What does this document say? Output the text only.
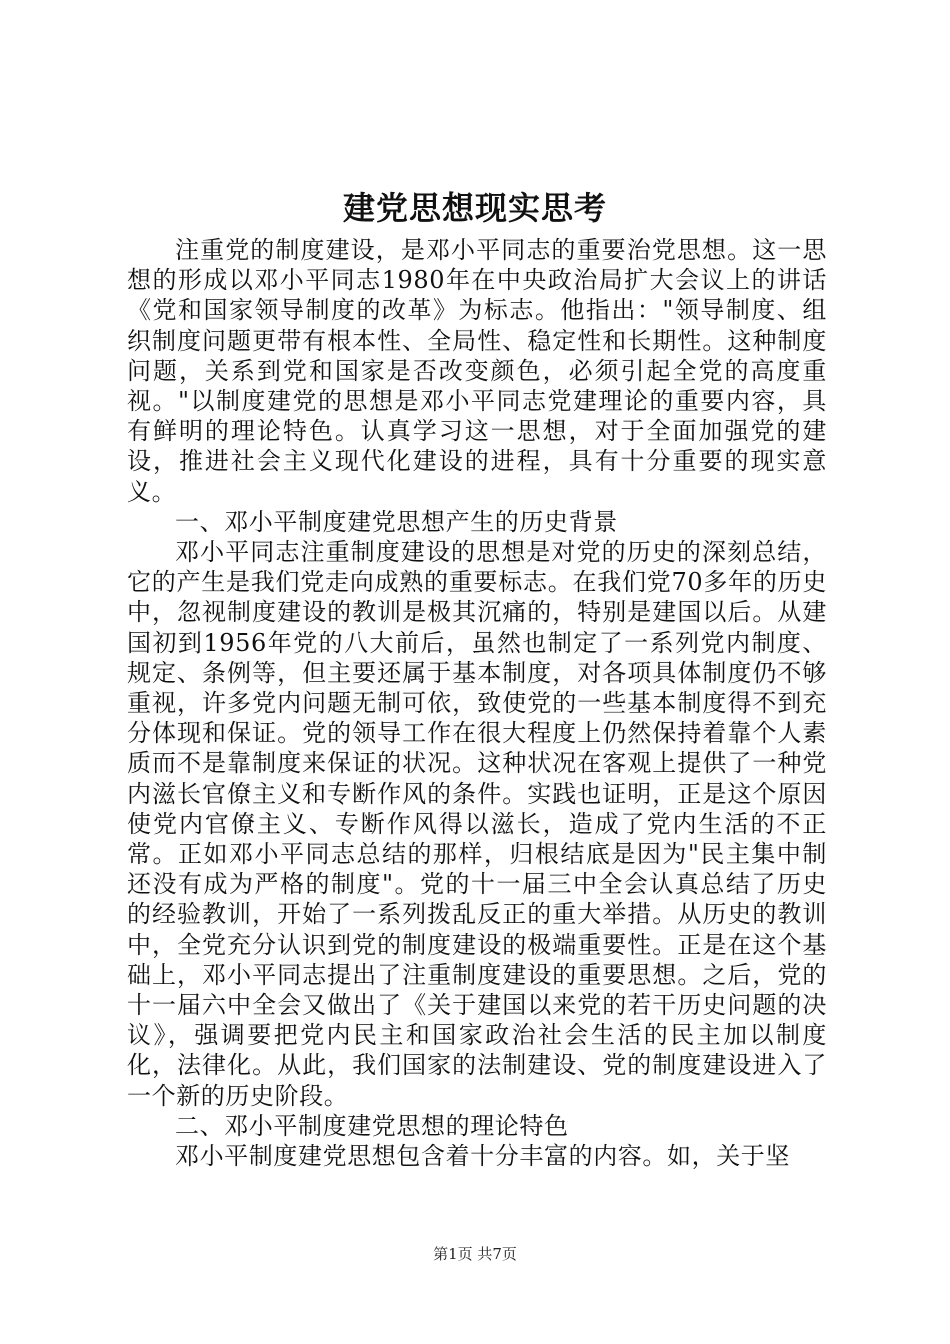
建党思想现实思考

注重党的制度建设，是邓小平同志的重要治党思想。这一思想的形成以邓小平同志1980年在中央政治局扩大会议上的讲话《党和国家领导制度的改革》为标志。他指出："领导制度、组织制度问题更带有根本性、全局性、稳定性和长期性。这种制度问题，关系到党和国家是否改变颜色，必须引起全党的高度重视。"以制度建党的思想是邓小平同志党建理论的重要内容，具有鲜明的理论特色。认真学习这一思想，对于全面加强党的建设，推进社会主义现代化建设的进程，具有十分重要的现实意义。

一、邓小平制度建党思想产生的历史背景

邓小平同志注重制度建设的思想是对党的历史的深刻总结，它的产生是我们党走向成熟的重要标志。在我们党70多年的历史中，忽视制度建设的教训是极其沉痛的，特别是建国以后。从建国初到1956年党的八大前后，虽然也制定了一系列党内制度、规定、条例等，但主要还属于基本制度，对各项具体制度仍不够重视，许多党内问题无制可依，致使党的一些基本制度得不到充分体现和保证。党的领导工作在很大程度上仍然保持着靠个人素质而不是靠制度来保证的状况。这种状况在客观上提供了一种党内滋长官僚主义和专断作风的条件。实践也证明，正是这个原因使党内官僚主义、专断作风得以滋长，造成了党内生活的不正常。正如邓小平同志总结的那样，归根结底是因为"民主集中制还没有成为严格的制度"。党的十一届三中全会认真总结了历史的经验教训，开始了一系列拨乱反正的重大举措。从历史的教训中，全党充分认识到党的制度建设的极端重要性。正是在这个基础上，邓小平同志提出了注重制度建设的重要思想。之后，党的十一届六中全会又做出了《关于建国以来党的若干历史问题的决议》，强调要把党内民主和国家政治社会生活的民主加以制度化，法律化。从此，我们国家的法制建设、党的制度建设进入了一个新的历史阶段。

二、邓小平制度建党思想的理论特色

邓小平制度建党思想包含着十分丰富的内容。如，关于坚

第1页 共7页
